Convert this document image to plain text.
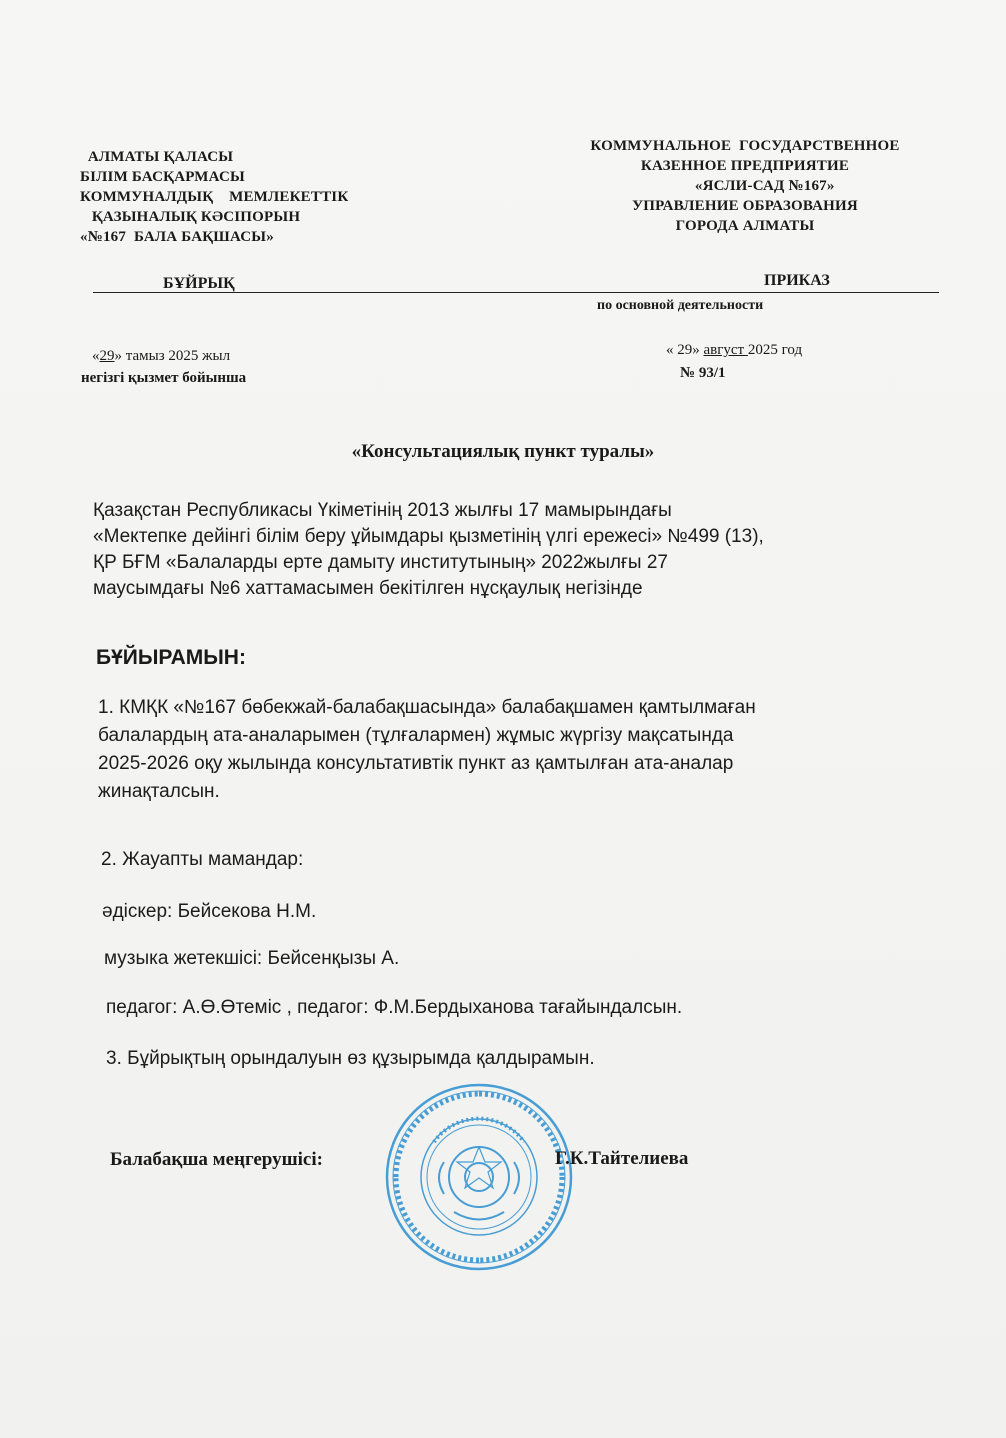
АЛМАТЫ ҚАЛАСЫ
БІЛІМ БАСҚАРМАСЫ
КОММУНАЛДЫҚ    МЕМЛЕКЕТТІК
ҚАЗЫНАЛЫҚ КӘСІПОРЫН
«№167  БАЛА БАҚШАСЫ»
КОММУНАЛЬНОЕ  ГОСУДАРСТВЕННОЕ
КАЗЕННОЕ ПРЕДПРИЯТИЕ
«ЯСЛИ-САД №167»
УПРАВЛЕНИЕ ОБРАЗОВАНИЯ
ГОРОДА АЛМАТЫ
БҰЙРЫҚ	ПРИКАЗ
по основной деятельности
«29» тамыз 2025 жыл
негізгі қызмет бойынша
« 29» август 2025 год
№ 93/1
«Консультациялық пункт туралы»
Қазақстан Республикасы Үкіметінің 2013 жылғы 17 мамырындағы
«Мектепке дейінгі білім беру ұйымдары қызметінің үлгі ережесі» №499 (13),
ҚР БҒМ «Балаларды ерте дамыту институтының» 2022жылғы 27
маусымдағы №6 хаттамасымен бекітілген нұсқаулық негізінде
БҰЙЫРАМЫН:
1. КМҚК «№167 бөбекжай-балабақшасында» балабақшамен қамтылмаған
балалардың ата-аналарымен (тұлғалармен) жұмыс жүргізу мақсатында
2025-2026 оқу жылында консультативтік пункт аз қамтылған ата-аналар
жинақталсын.
2. Жауапты мамандар:
әдіскер: Бейсекова Н.М.
музыка жетекшісі: Бейсенқызы А.
педагог: А.Ө.Өтеміс , педагог: Ф.М.Бердыханова тағайындалсын.
3. Бұйрықтың орындалуын өз құзырымда қалдырамын.
Балабақша меңгерушісі:	Г.К.Тайтелиева
